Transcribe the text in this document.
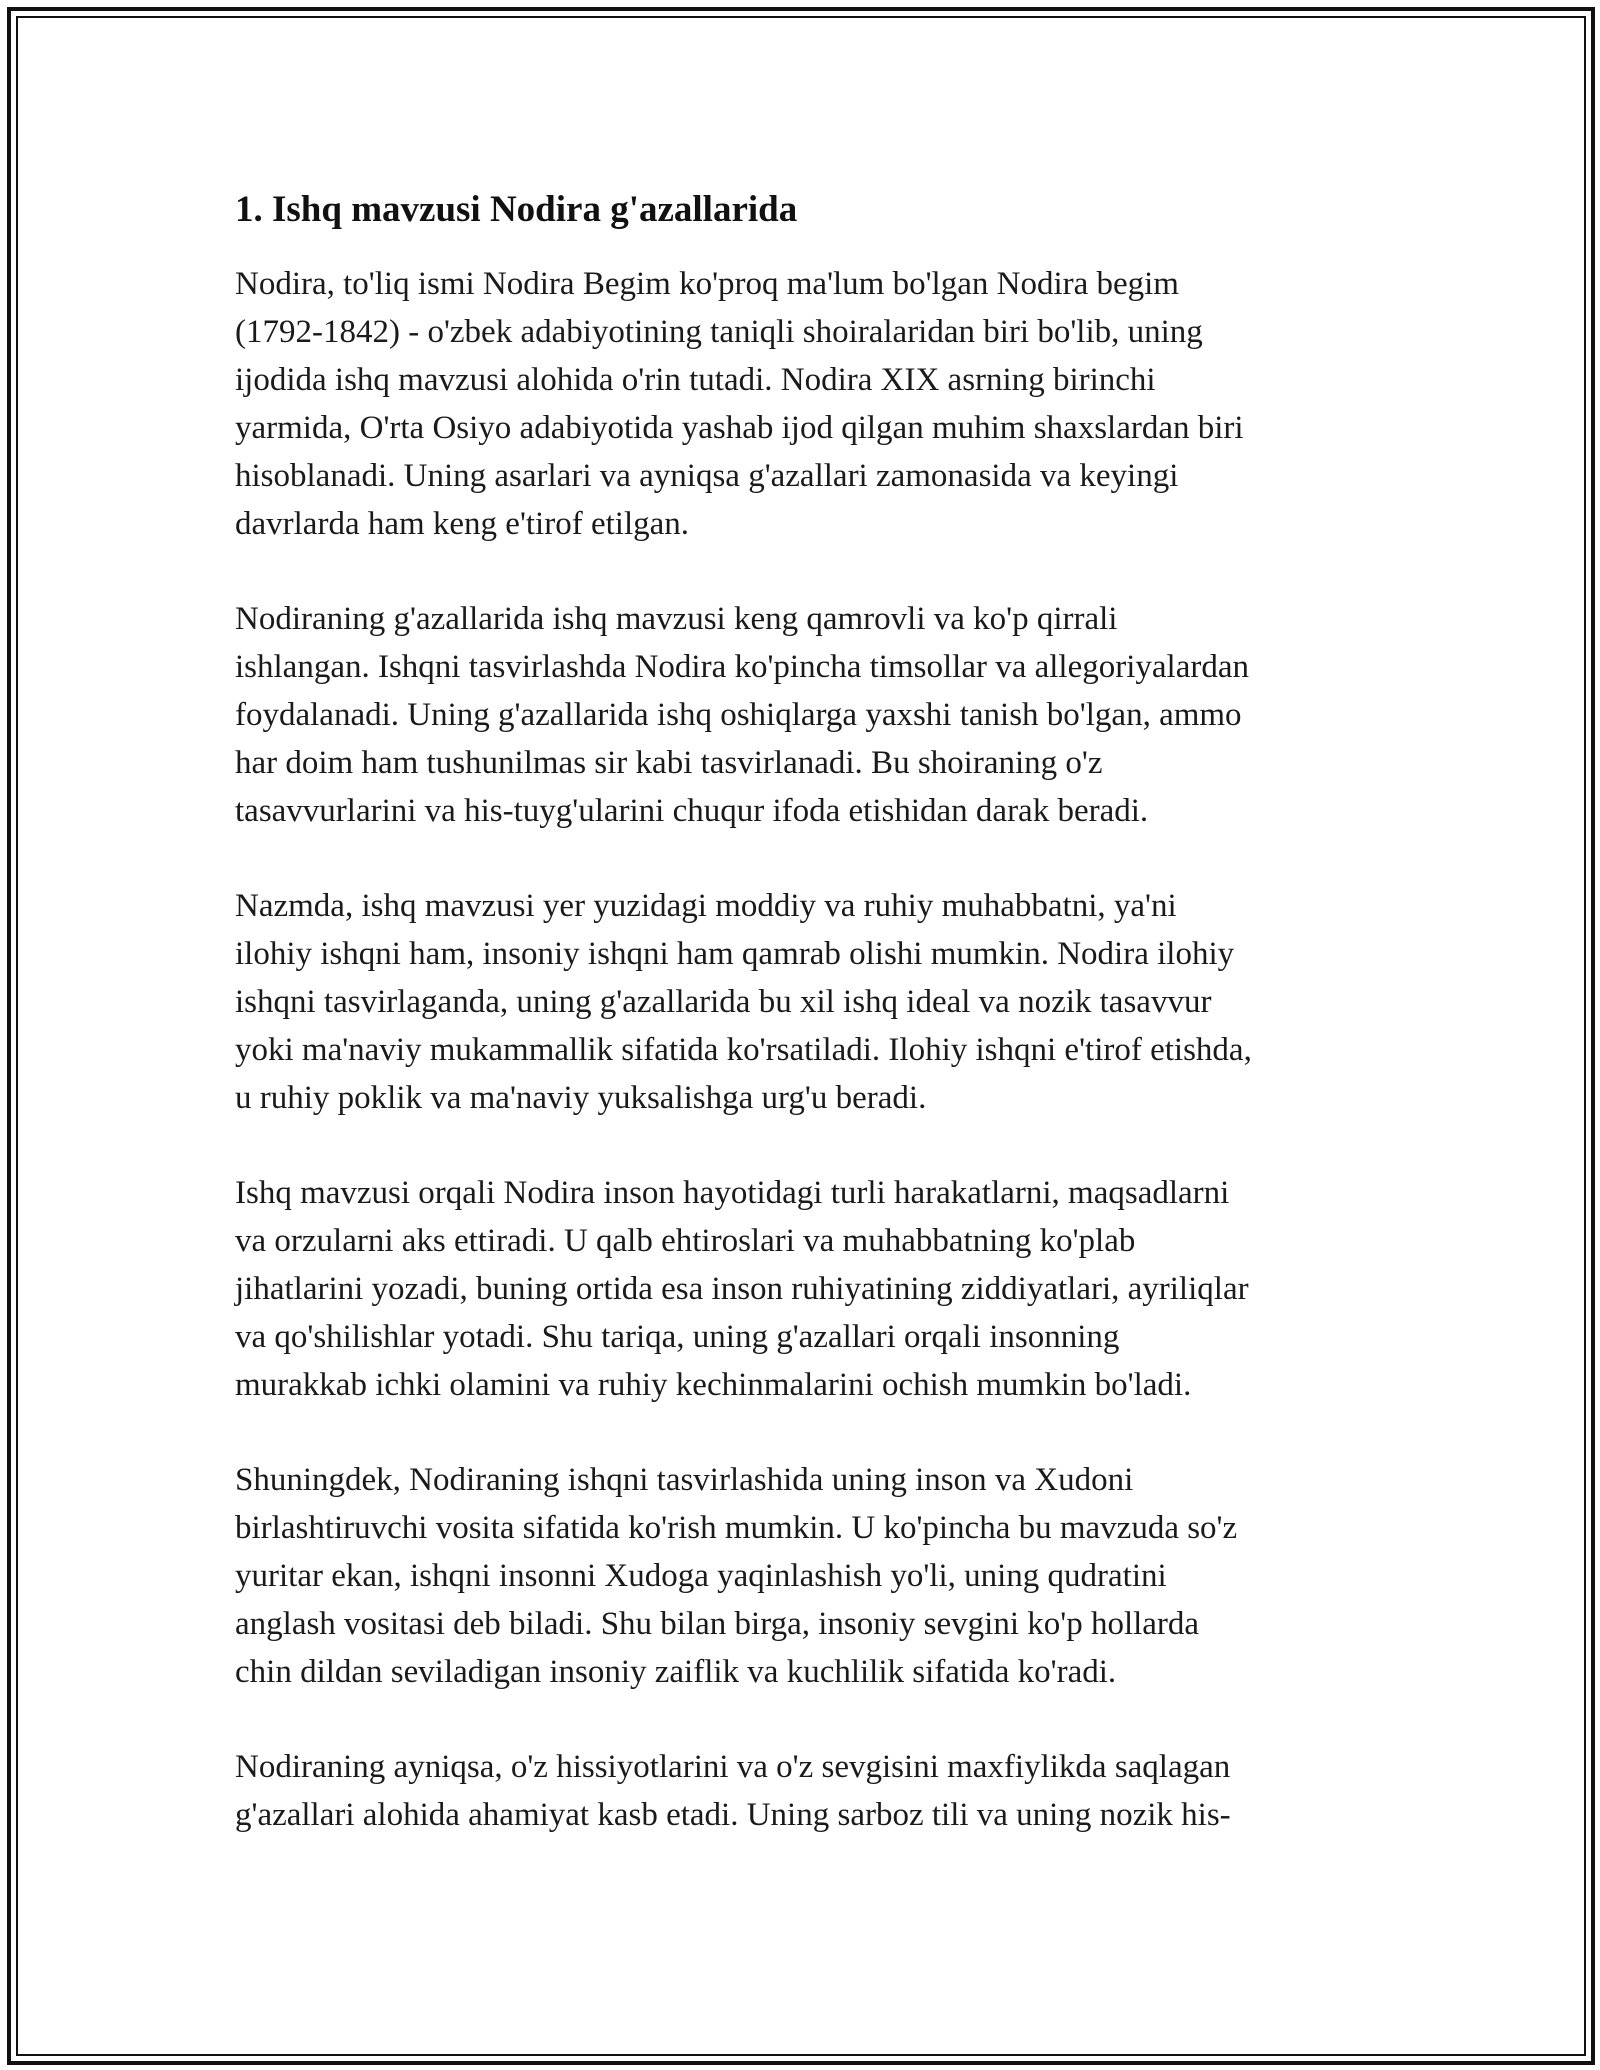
1. Ishq mavzusi Nodira g'azallarida

Nodira, to'liq ismi Nodira Begim ko'proq ma'lum bo'lgan Nodira begim
(1792-1842) - o'zbek adabiyotining taniqli shoiralaridan biri bo'lib, uning
ijodida ishq mavzusi alohida o'rin tutadi. Nodira XIX asrning birinchi
yarmida, O'rta Osiyo adabiyotida yashab ijod qilgan muhim shaxslardan biri
hisoblanadi. Uning asarlari va ayniqsa g'azallari zamonasida va keyingi
davrlarda ham keng e'tirof etilgan.

Nodiraning g'azallarida ishq mavzusi keng qamrovli va ko'p qirrali
ishlangan. Ishqni tasvirlashda Nodira ko'pincha timsollar va allegoriyalardan
foydalanadi. Uning g'azallarida ishq oshiqlarga yaxshi tanish bo'lgan, ammo
har doim ham tushunilmas sir kabi tasvirlanadi. Bu shoiraning o'z
tasavvurlarini va his-tuyg'ularini chuqur ifoda etishidan darak beradi.

Nazmda, ishq mavzusi yer yuzidagi moddiy va ruhiy muhabbatni, ya'ni
ilohiy ishqni ham, insoniy ishqni ham qamrab olishi mumkin. Nodira ilohiy
ishqni tasvirlaganda, uning g'azallarida bu xil ishq ideal va nozik tasavvur
yoki ma'naviy mukammallik sifatida ko'rsatiladi. Ilohiy ishqni e'tirof etishda,
u ruhiy poklik va ma'naviy yuksalishga urg'u beradi.

Ishq mavzusi orqali Nodira inson hayotidagi turli harakatlarni, maqsadlarni
va orzularni aks ettiradi. U qalb ehtiroslari va muhabbatning ko'plab
jihatlarini yozadi, buning ortida esa inson ruhiyatining ziddiyatlari, ayriliqlar
va qo'shilishlar yotadi. Shu tariqa, uning g'azallari orqali insonning
murakkab ichki olamini va ruhiy kechinmalarini ochish mumkin bo'ladi.

Shuningdek, Nodiraning ishqni tasvirlashida uning inson va Xudoni
birlashtiruvchi vosita sifatida ko'rish mumkin. U ko'pincha bu mavzuda so'z
yuritar ekan, ishqni insonni Xudoga yaqinlashish yo'li, uning qudratini
anglash vositasi deb biladi. Shu bilan birga, insoniy sevgini ko'p hollarda
chin dildan seviladigan insoniy zaiflik va kuchlilik sifatida ko'radi.

Nodiraning ayniqsa, o'z hissiyotlarini va o'z sevgisini maxfiylikda saqlagan
g'azallari alohida ahamiyat kasb etadi. Uning sarboz tili va uning nozik his-
